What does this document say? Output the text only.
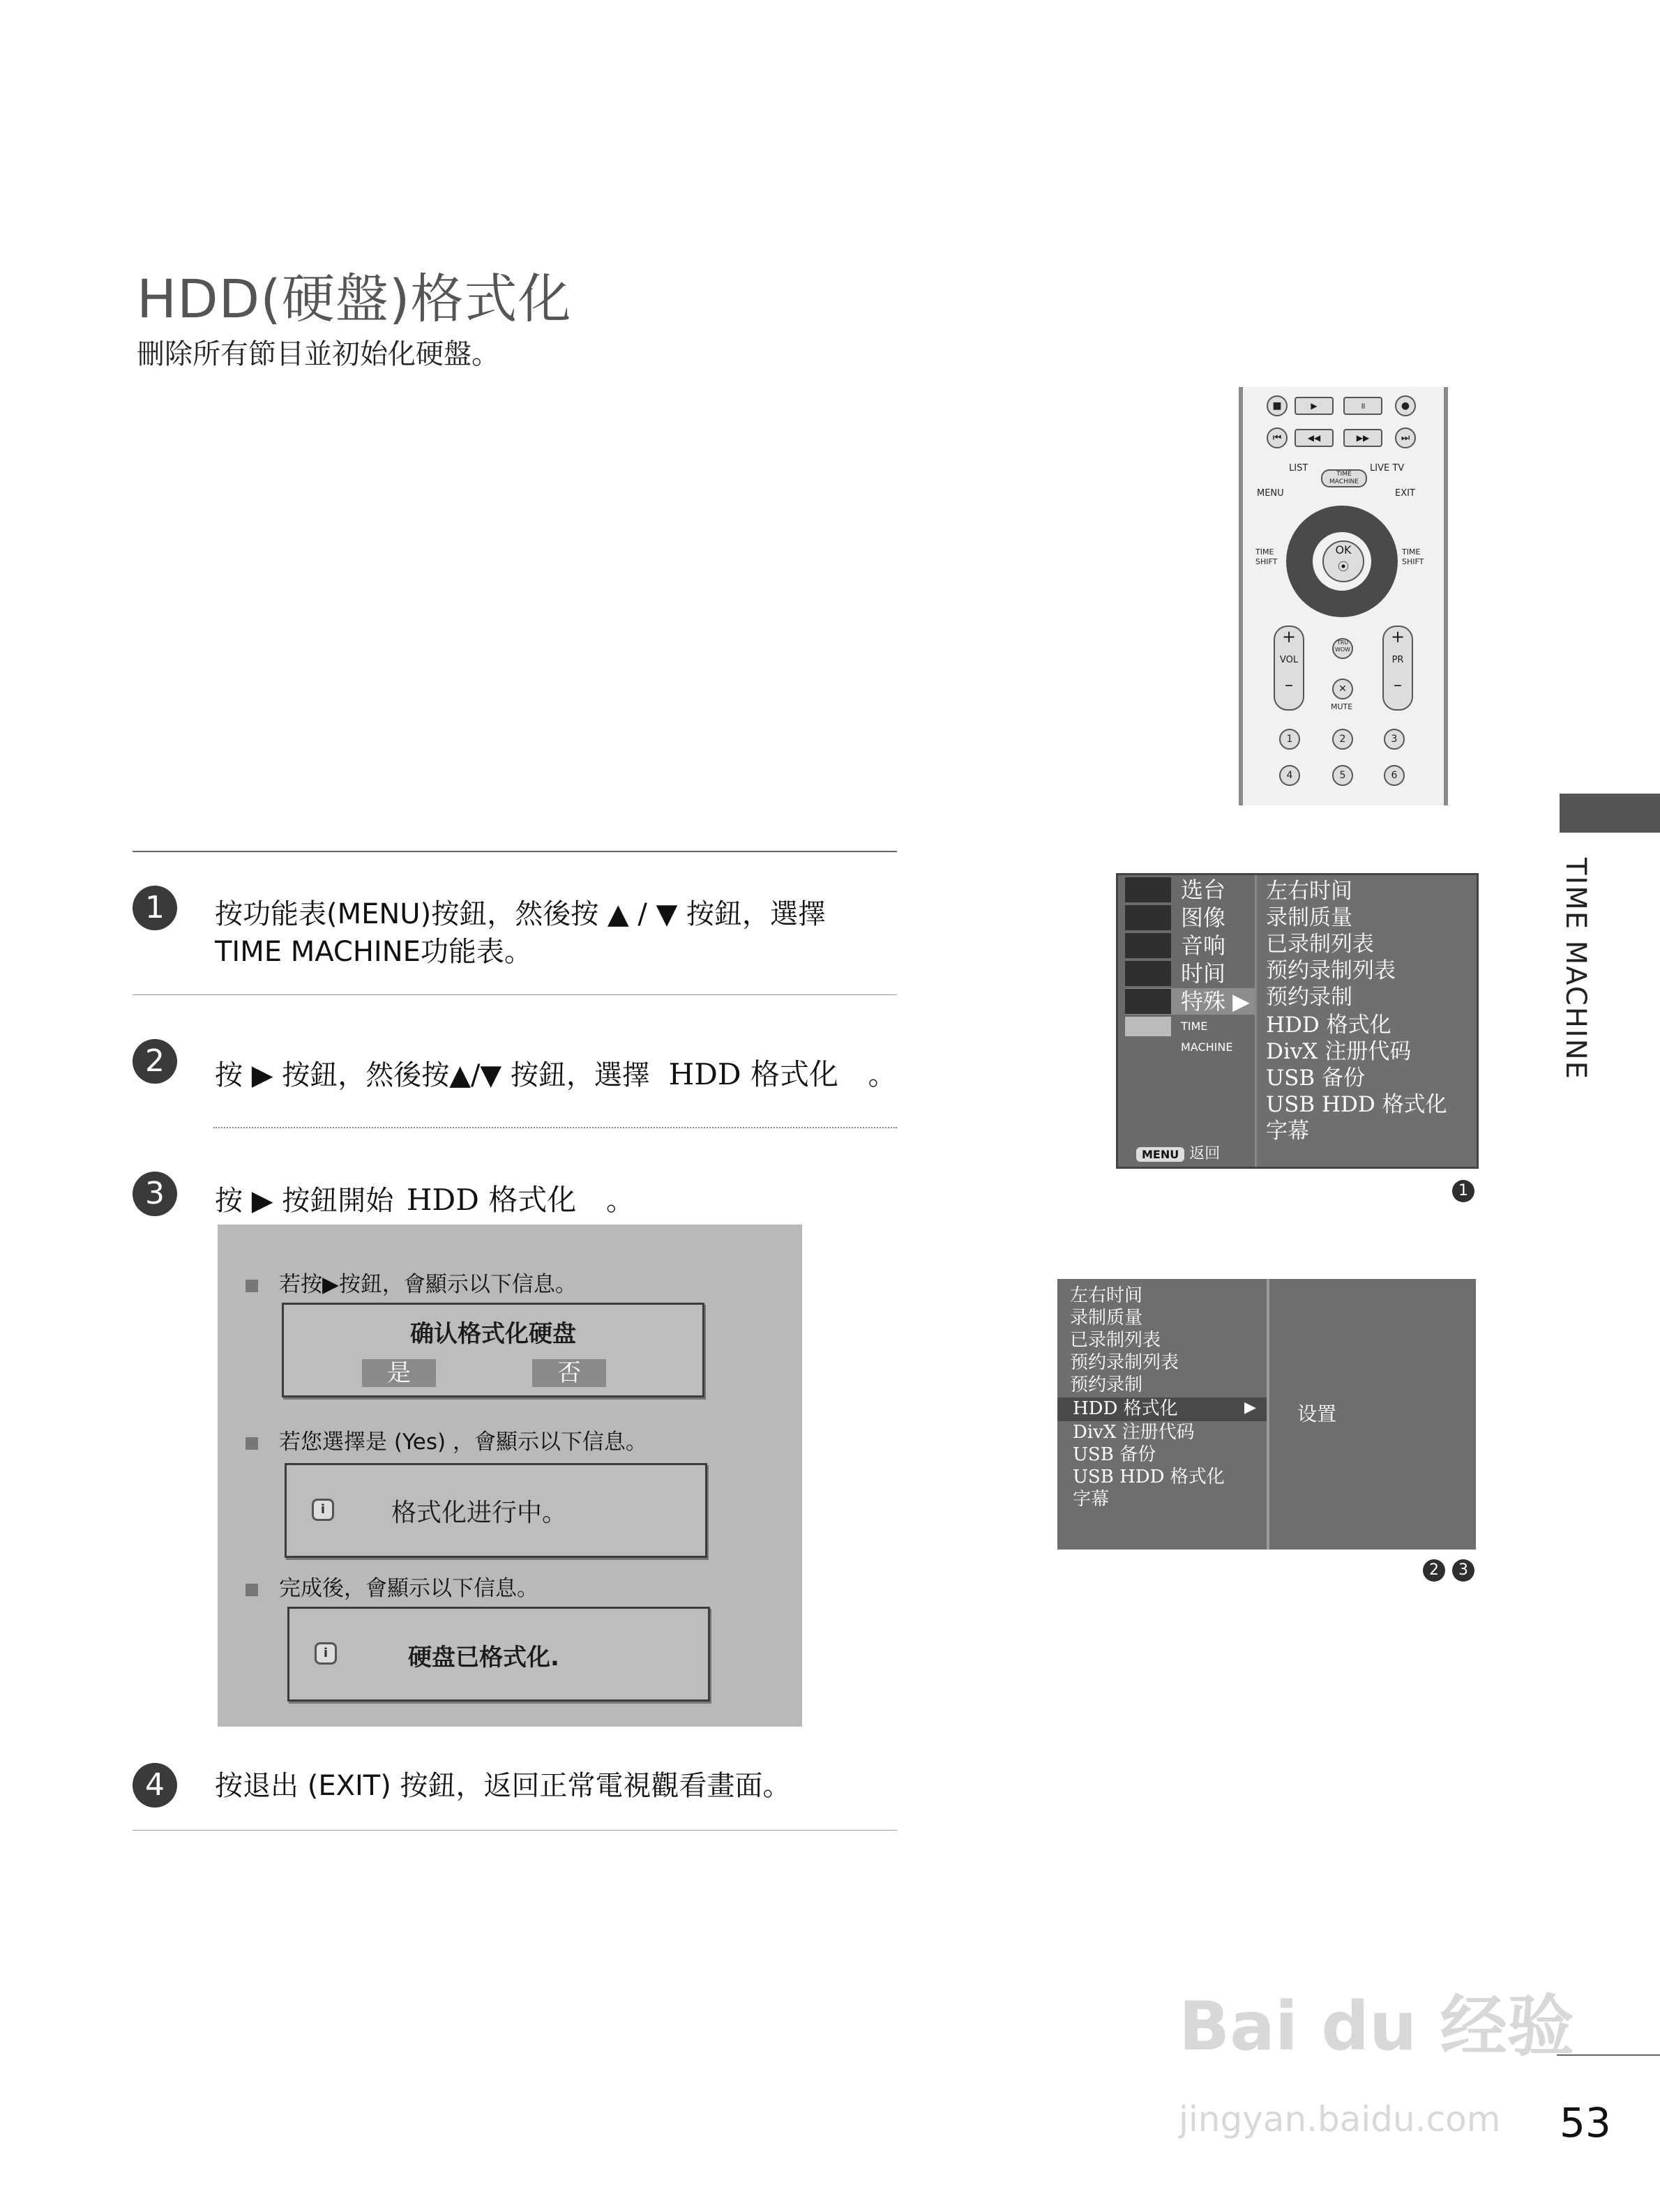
HDD(硬盤)格式化
刪除所有節目並初始化硬盤。
■	▶	॥	●
⏮	◀◀	▶▶	⏭
LIST
TIME MACHINE
LIVE TV
MENU	EXIT
OK
⦿
TIME SHIFT
TIME SHIFT
+
VOL
–
+
PR
–
TRU WOW
✕
MUTE
1	2	3
4	5	6
TIME MACHINE
1	按功能表(MENU)按鈕，然後按 ▲ / ▼ 按鈕，選擇
TIME MACHINE功能表。
2	按 ▶ 按鈕，然後按▲/▼ 按鈕，選擇 HDD 格式化 。
3	按 ▶ 按鈕開始 HDD 格式化 。
若按▶按鈕，會顯示以下信息。
确认格式化硬盘
是	否
若您選擇是 (Yes) ，會顯示以下信息。
i	格式化进行中。
完成後，會顯示以下信息。
i	硬盘已格式化.
4	按退出 (EXIT) 按鈕，返回正常電視觀看畫面。
选台
图像
音响
时间
特殊 ▶
TIME MACHINE
MENU 返回
左右时间
录制质量
已录制列表
预约录制列表
预约录制
HDD 格式化
DivX 注册代码
USB 备份
USB HDD 格式化
字幕
1
左右时间
录制质量
已录制列表
预约录制列表
预约录制
HDD 格式化	▶
DivX 注册代码
USB 备份
USB HDD 格式化
字幕
设置
2	3
Bai du 经验
jingyan.baidu.com 53
